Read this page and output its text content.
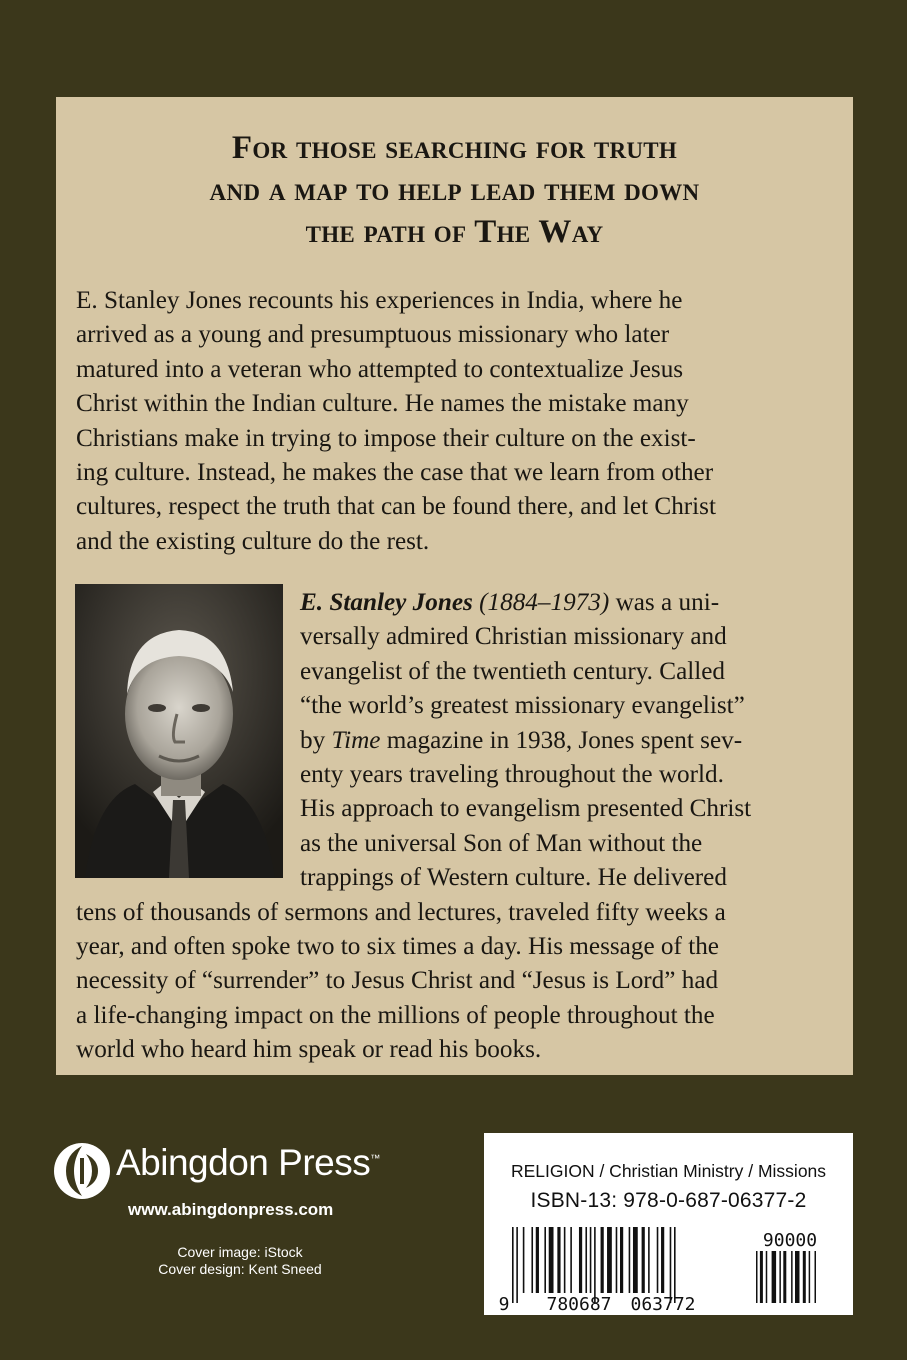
For those searching for truth
and a map to help lead them down
the path of The Way

E. Stanley Jones recounts his experiences in India, where he
arrived as a young and presumptuous missionary who later
matured into a veteran who attempted to contextualize Jesus
Christ within the Indian culture. He names the mistake many
Christians make in trying to impose their culture on the exist-
ing culture. Instead, he makes the case that we learn from other
cultures, respect the truth that can be found there, and let Christ
and the existing culture do the rest.

E. Stanley Jones (1884–1973) was a uni-
versally admired Christian missionary and
evangelist of the twentieth century. Called
“the world’s greatest missionary evangelist”
by Time magazine in 1938, Jones spent sev-
enty years traveling throughout the world.
His approach to evangelism presented Christ
as the universal Son of Man without the
trappings of Western culture. He delivered
tens of thousands of sermons and lectures, traveled fifty weeks a
year, and often spoke two to six times a day. His message of the
necessity of “surrender” to Jesus Christ and “Jesus is Lord” had
a life-changing impact on the millions of people throughout the
world who heard him speak or read his books.
Abingdon Press™
www.abingdonpress.com
Cover image: iStock
Cover design: Kent Sneed
RELIGION / Christian Ministry / Missions
ISBN-13: 978-0-687-06377-2
90000
9 780687 063772
